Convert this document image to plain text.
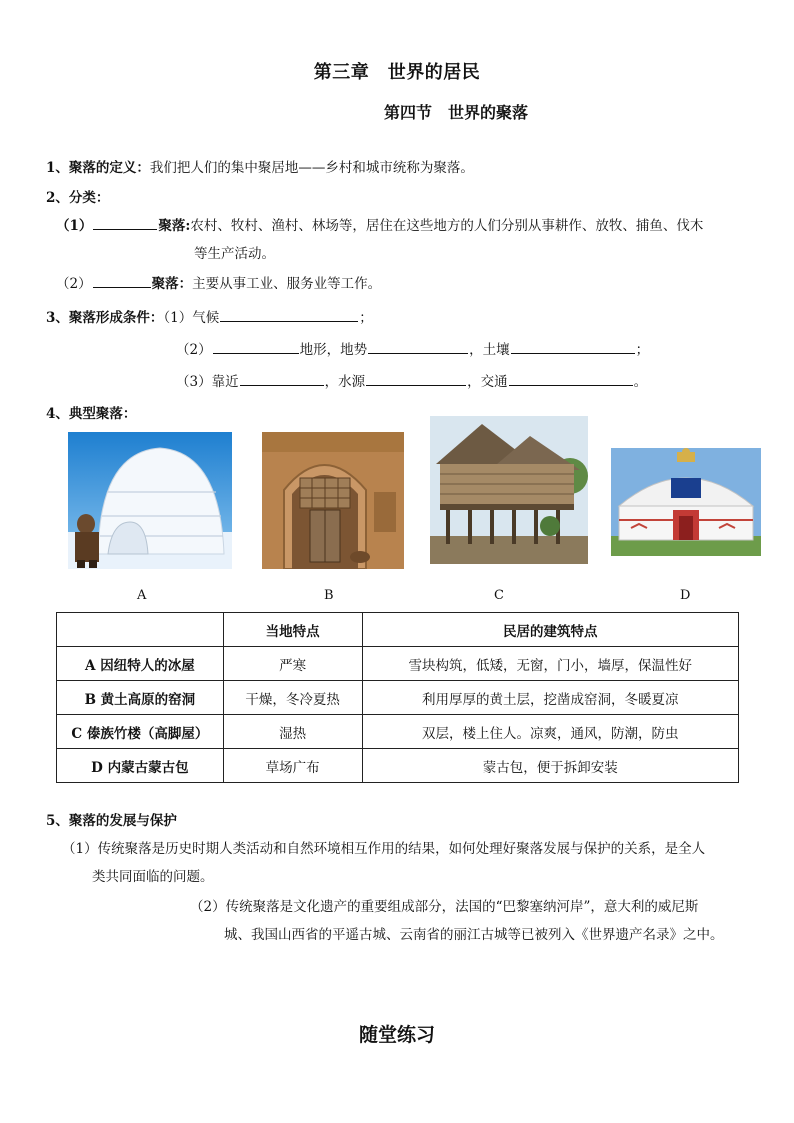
第三章　世界的居民
第四节　世界的聚落
1、聚落的定义：我们把人们的集中聚居地——乡村和城市统称为聚落。
2、分类：
（1）	聚落:农村、牧村、渔村、林场等，居住在这些地方的人们分别从事耕作、放牧、捕鱼、伐木
等生产活动。
（2）	聚落：主要从事工业、服务业等工作。
3、聚落形成条件：（1）气候	；
（2）	地形，地势	，土壤	；
（3）靠近	，水源	，交通	。
4、典型聚落：
A	B	C	D
	当地特点	民居的建筑特点
A 因纽特人的冰屋	严寒	雪块构筑，低矮，无窗，门小，墙厚，保温性好
B 黄土高原的窑洞	干燥，冬冷夏热	利用厚厚的黄土层，挖凿成窑洞，冬暖夏凉
C 傣族竹楼（高脚屋）	湿热	双层，楼上住人。凉爽，通风，防潮，防虫
D 内蒙古蒙古包	草场广布	蒙古包，便于拆卸安装
5、聚落的发展与保护
（1）传统聚落是历史时期人类活动和自然环境相互作用的结果，如何处理好聚落发展与保护的关系，是全人
类共同面临的问题。
（2）传统聚落是文化遗产的重要组成部分，法国的“巴黎塞纳河岸”，意大利的威尼斯
城、我国山西省的平遥古城、云南省的丽江古城等已被列入《世界遗产名录》之中。
随堂练习
